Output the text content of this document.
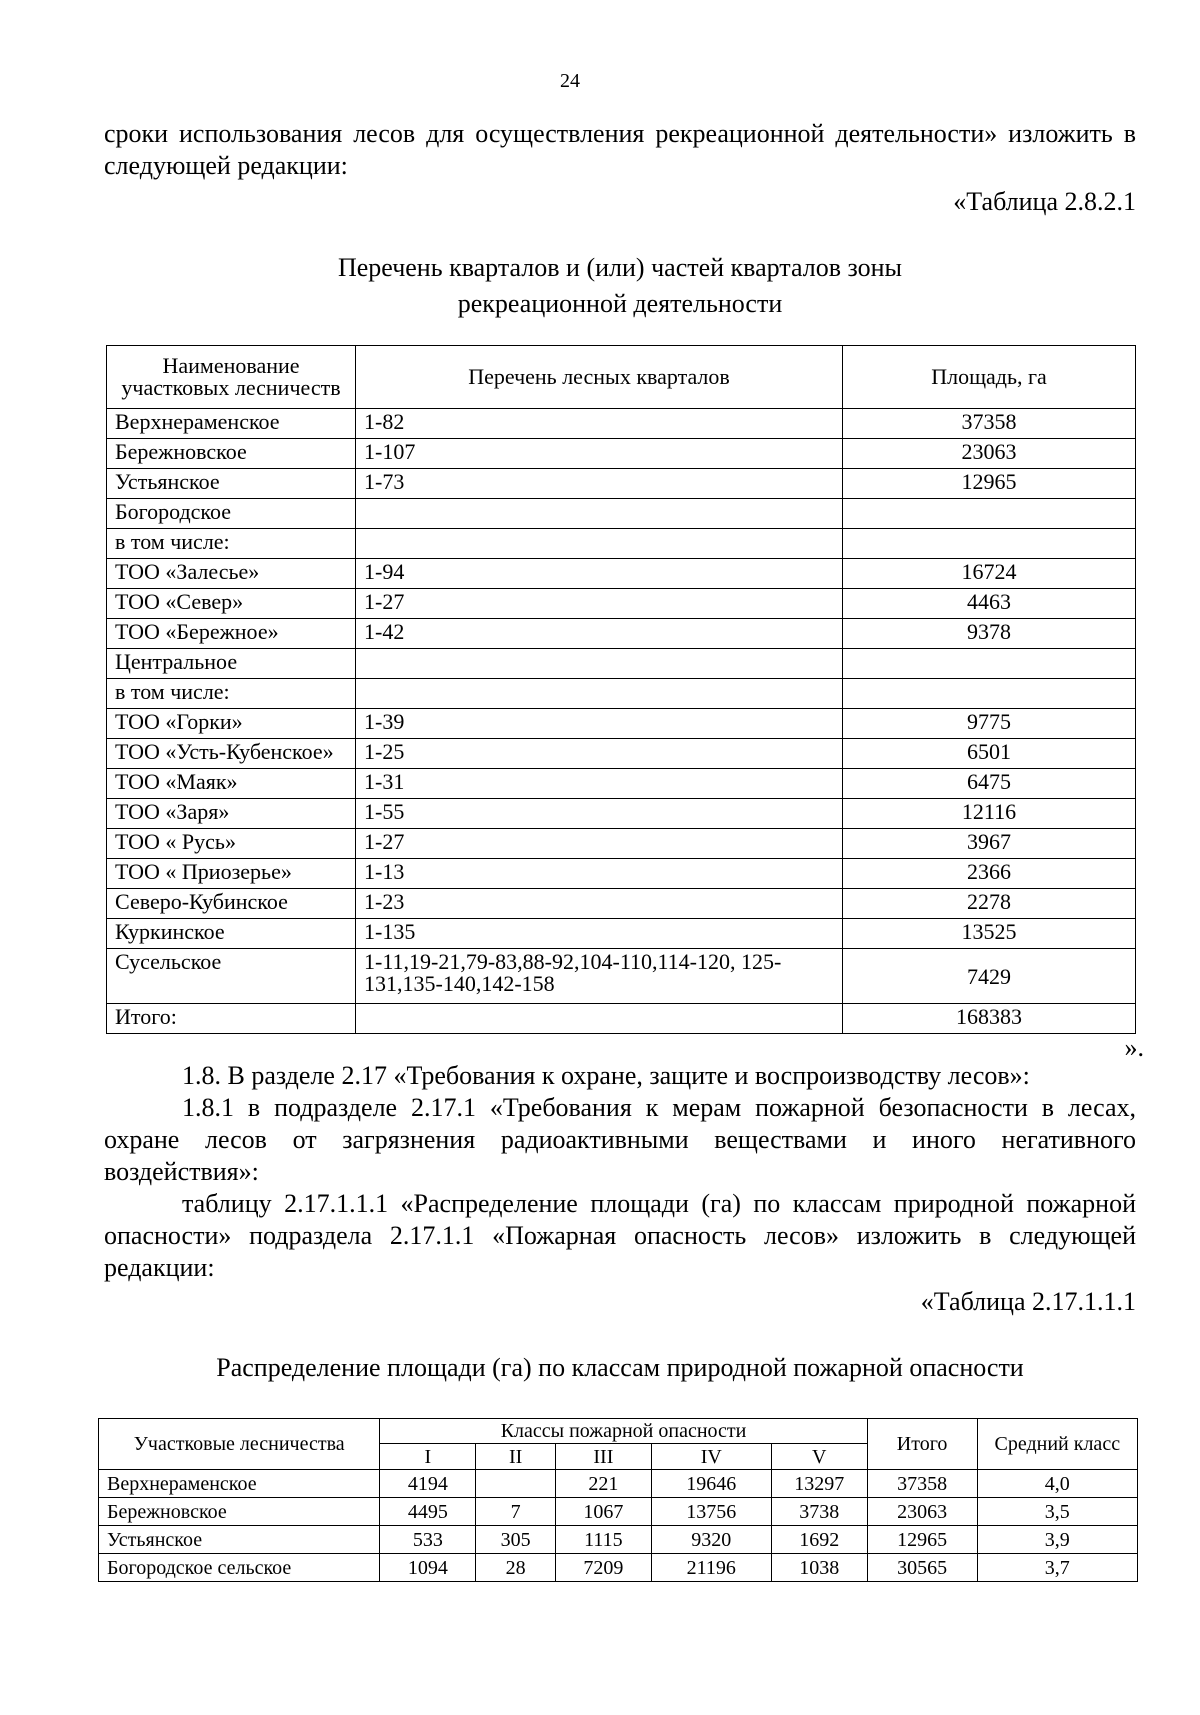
24
сроки использования лесов для осуществления рекреационной деятельности» изложить в следующей редакции:
«Таблица 2.8.2.1
Перечень кварталов и (или) частей кварталов зоны рекреационной деятельности
Наименование участковых лесничеств	Перечень лесных кварталов	Площадь, га
Верхнераменское	1-82	37358
Бережновское	1-107	23063
Устьянское	1-73	12965
Богородское		
в том числе:		
ТОО «Залесье»	1-94	16724
ТОО «Север»	1-27	4463
ТОО «Бережное»	1-42	9378
Центральное		
в том числе:		
ТОО «Горки»	1-39	9775
ТОО «Усть-Кубенское»	1-25	6501
ТОО «Маяк»	1-31	6475
ТОО «Заря»	1-55	12116
ТОО « Русь»	1-27	3967
ТОО « Приозерье»	1-13	2366
Северо-Кубинское	1-23	2278
Куркинское	1-135	13525
Сусельское	1-11,19-21,79-83,88-92,104-110,114-120, 125-131,135-140,142-158	7429
Итого:		168383
».
1.8. В разделе 2.17 «Требования к охране, защите и воспроизводству лесов»:
1.8.1 в подразделе 2.17.1 «Требования к мерам пожарной безопасности в лесах, охране лесов от загрязнения радиоактивными веществами и иного негативного воздействия»:
таблицу 2.17.1.1.1 «Распределение площади (га) по классам природной пожарной опасности» подраздела 2.17.1.1 «Пожарная опасность лесов» изложить в следующей редакции:
«Таблица 2.17.1.1.1
Распределение площади (га) по классам природной пожарной опасности
Участковые лесничества	Классы пожарной опасности					Итого	Средний класс
	I	II	III	IV	V		
Верхнераменское	4194		221	19646	13297	37358	4,0
Бережновское	4495	7	1067	13756	3738	23063	3,5
Устьянское	533	305	1115	9320	1692	12965	3,9
Богородское сельское	1094	28	7209	21196	1038	30565	3,7
